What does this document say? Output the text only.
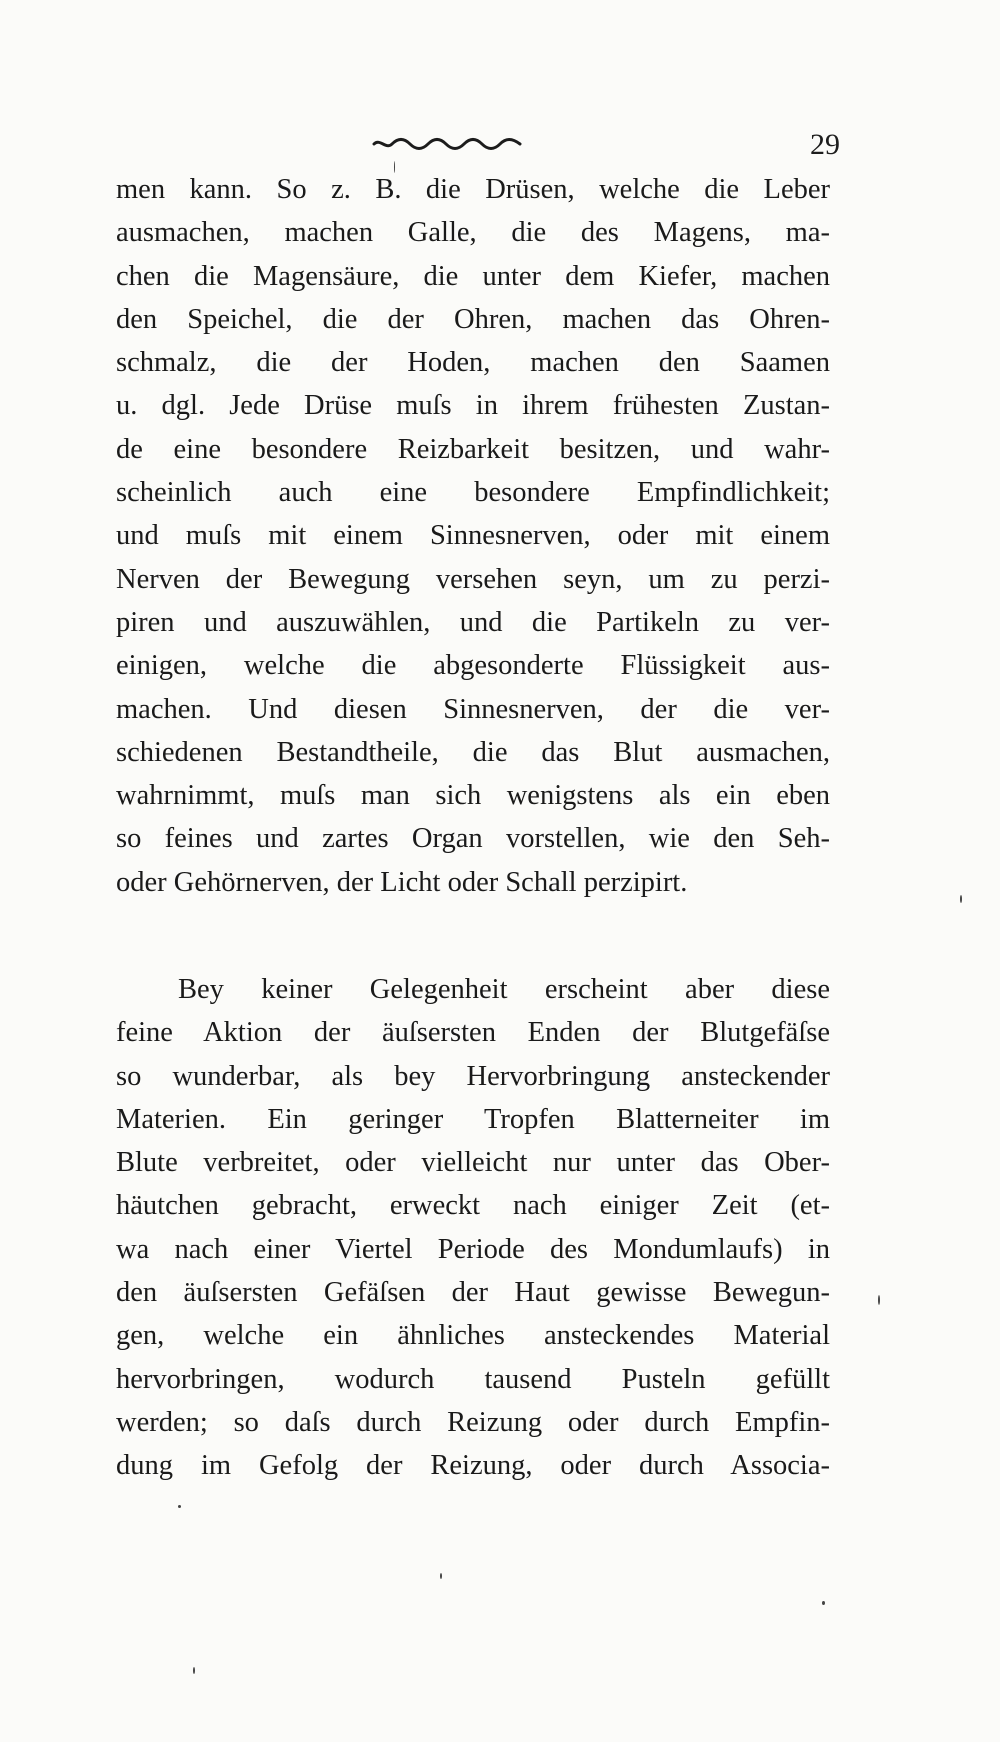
29
men kann. So z. B. die Drüsen, welche die Leber
ausmachen, machen Galle, die des Magens, ma-
chen die Magensäure, die unter dem Kiefer, machen
den Speichel, die der Ohren, machen das Ohren-
schmalz, die der Hoden, machen den Saamen
u. dgl. Jede Drüse muſs in ihrem frühesten Zustan-
de eine besondere Reizbarkeit besitzen, und wahr-
scheinlich auch eine besondere Empfindlichkeit;
und muſs mit einem Sinnesnerven, oder mit einem
Nerven der Bewegung versehen seyn, um zu perzi-
piren und auszuwählen, und die Partikeln zu ver-
einigen, welche die abgesonderte Flüssigkeit aus-
machen. Und diesen Sinnesnerven, der die ver-
schiedenen Bestandtheile, die das Blut ausmachen,
wahrnimmt, muſs man sich wenigstens als ein eben
so feines und zartes Organ vorstellen, wie den Seh-
oder Gehörnerven, der Licht oder Schall perzipirt.
Bey keiner Gelegenheit erscheint aber diese
feine Aktion der äuſsersten Enden der Blutgefäſse
so wunderbar, als bey Hervorbringung ansteckender
Materien. Ein geringer Tropfen Blatterneiter im
Blute verbreitet, oder vielleicht nur unter das Ober-
häutchen gebracht, erweckt nach einiger Zeit (et-
wa nach einer Viertel Periode des Mondumlaufs) in
den äuſsersten Gefäſsen der Haut gewisse Bewegun-
gen, welche ein ähnliches ansteckendes Material
hervorbringen, wodurch tausend Pusteln gefüllt
werden; so daſs durch Reizung oder durch Empfin-
dung im Gefolg der Reizung, oder durch Associa-
